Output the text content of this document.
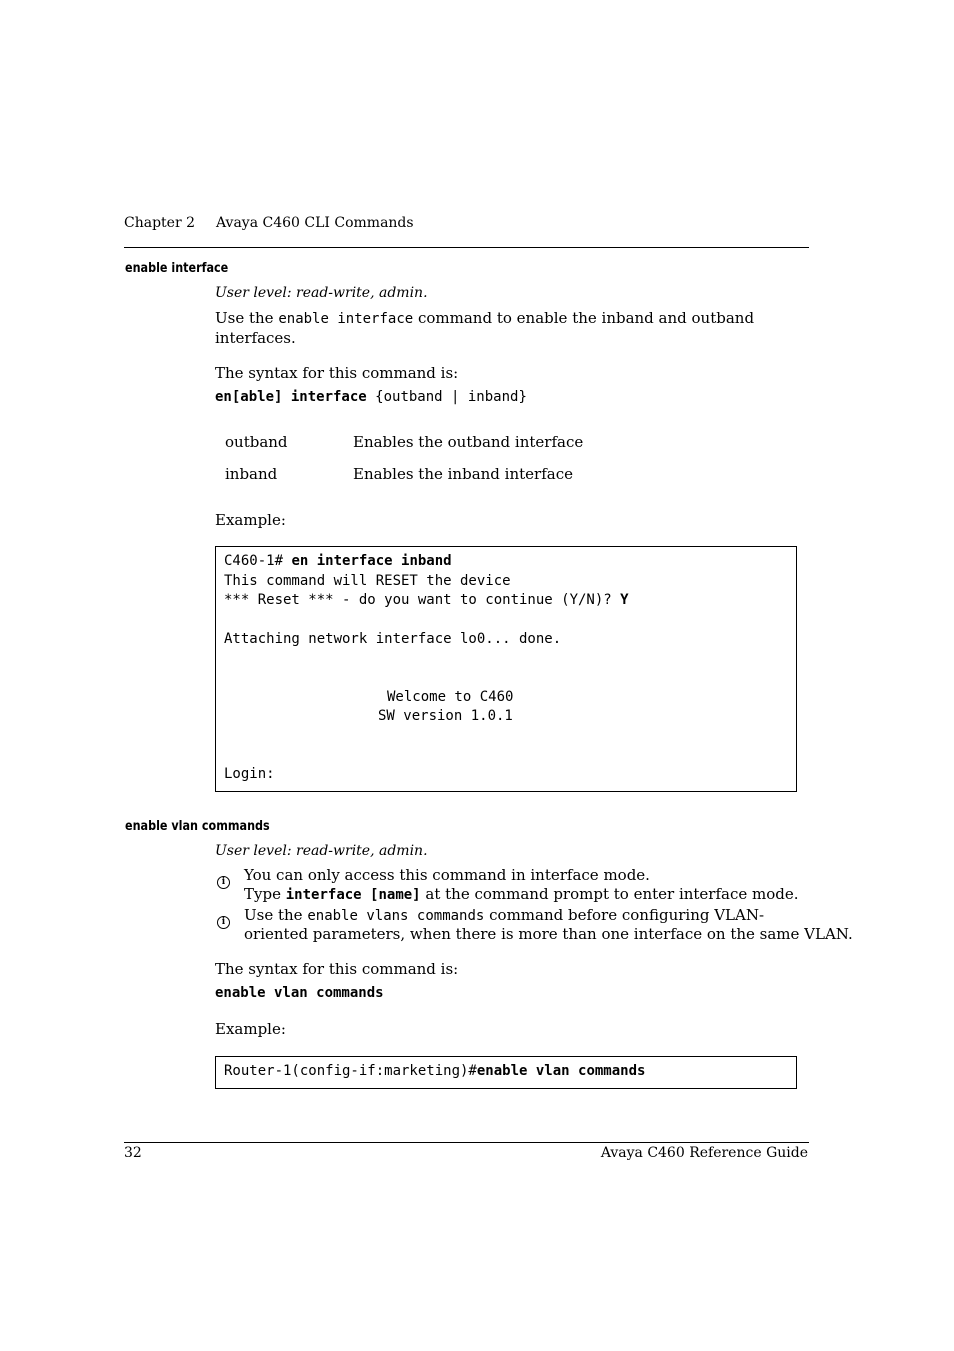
Chapter 2 Avaya C460 CLI Commands
enable interface
User level: read-write, admin.
Use the enable interface command to enable the inband and outband
interfaces.
The syntax for this command is:
en[able] interface {outband | inband}
outband	Enables the outband interface
inband	Enables the inband interface
Example:
C460-1# en interface inband
This command will RESET the device
*** Reset *** - do you want to continue (Y/N)? Y
Attaching network interface lo0... done.
Welcome to C460
SW version 1.0.1
Login:
enable vlan commands
User level: read-write, admin.
i	You can only access this command in interface mode.
Type interface [name] at the command prompt to enter interface mode.
i	Use the enable vlans commands command before configuring VLAN-
oriented parameters, when there is more than one interface on the same VLAN.
The syntax for this command is:
enable vlan commands
Example:
Router-1(config-if:marketing)#enable vlan commands
32	Avaya C460 Reference Guide
